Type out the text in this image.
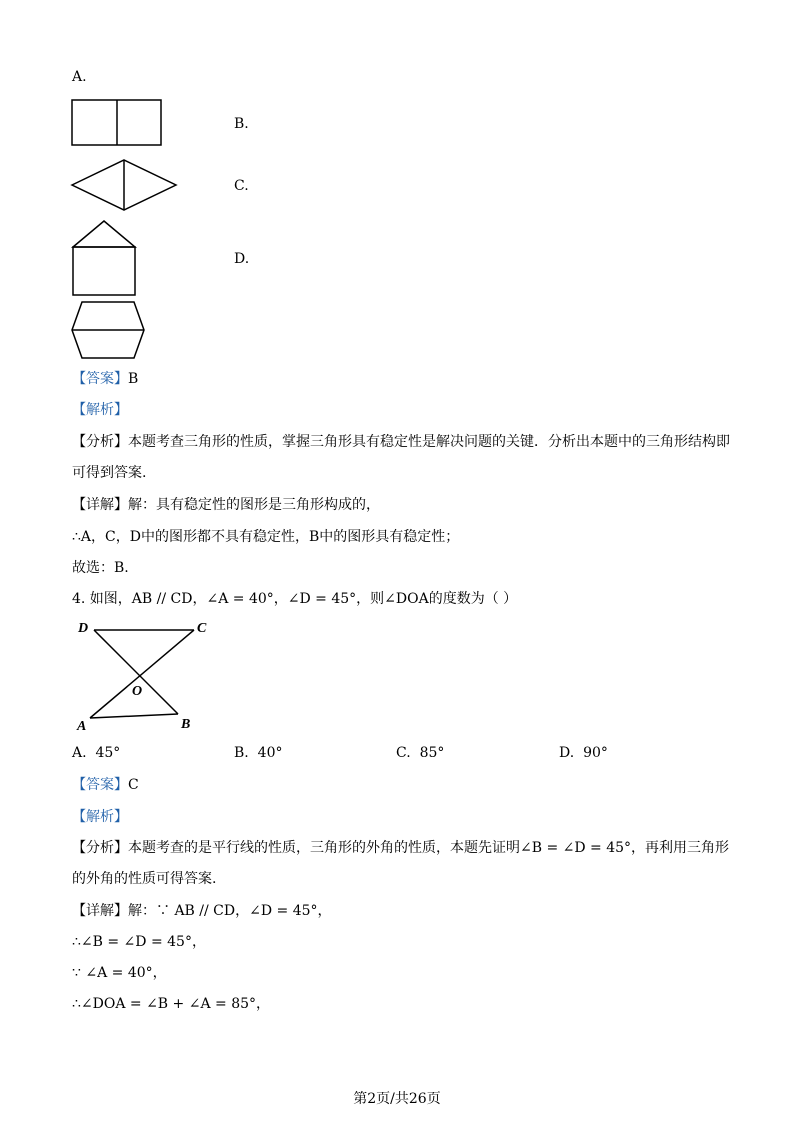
A.
B.
C.
D.
【答案】B
【解析】
【分析】本题考查三角形的性质，掌握三角形具有稳定性是解决问题的关键．分析出本题中的三角形结构即
可得到答案.
【详解】解：具有稳定性的图形是三角形构成的，
∴A，C，D中的图形都不具有稳定性，B中的图形具有稳定性；
故选：B.
4. 如图，AB // CD，∠A = 40°，∠D = 45°，则∠DOA的度数为（ ）
D	C
O
A	B
A. 45°	B. 40°	C. 85°	D. 90°
【答案】C
【解析】
【分析】本题考查的是平行线的性质，三角形的外角的性质，本题先证明∠B = ∠D = 45°，再利用三角形
的外角的性质可得答案.
【详解】解：∵ AB // CD，∠D = 45°，
∴∠B = ∠D = 45°，
∵ ∠A = 40°，
∴∠DOA = ∠B + ∠A = 85°，
第2页/共26页
